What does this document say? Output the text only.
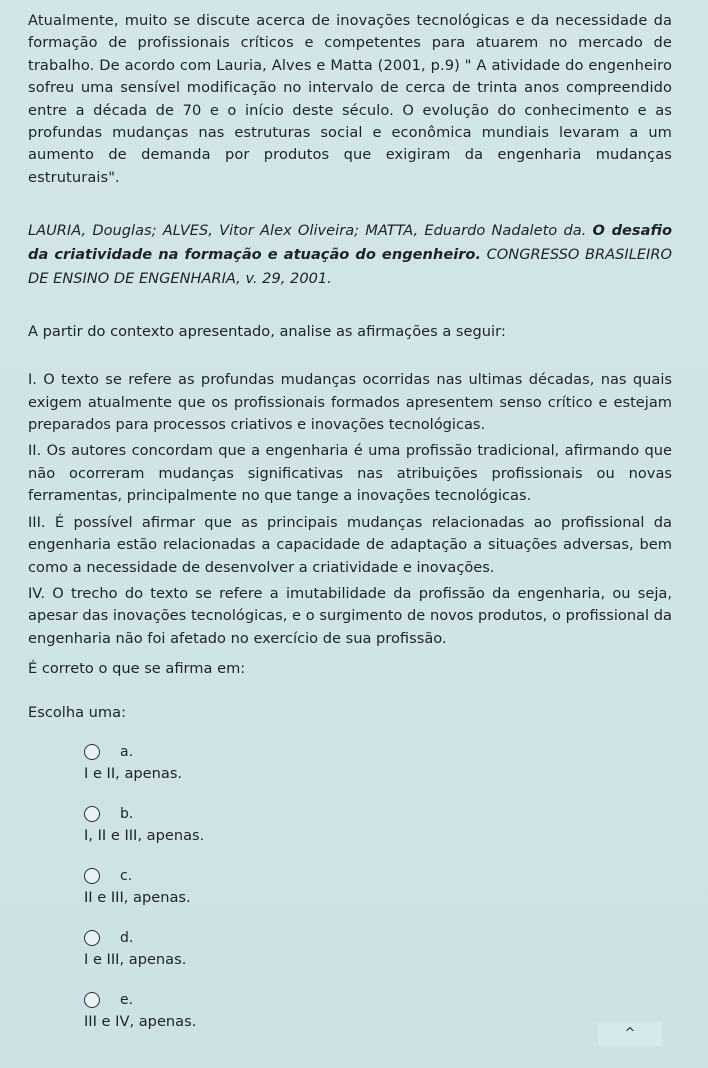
Atualmente, muito se discute acerca de inovações tecnológicas e da necessidade da formação de profissionais críticos e competentes para atuarem no mercado de trabalho. De acordo com Lauria, Alves e Matta (2001, p.9) " A atividade do engenheiro sofreu uma sensível modificação no intervalo de cerca de trinta anos compreendido entre a década de 70 e o início deste século. O evolução do conhecimento e as profundas mudanças nas estruturas social e econômica mundiais levaram a um aumento de demanda por produtos que exigiram da engenharia mudanças estruturais".

LAURIA, Douglas; ALVES, Vitor Alex Oliveira; MATTA, Eduardo Nadaleto da. O desafio da criatividade na formação e atuação do engenheiro. CONGRESSO BRASILEIRO DE ENSINO DE ENGENHARIA, v. 29, 2001.

A partir do contexto apresentado, analise as afirmações a seguir:

I. O texto se refere as profundas mudanças ocorridas nas ultimas décadas, nas quais exigem atualmente que os profissionais formados apresentem senso crítico e estejam preparados para processos criativos e inovações tecnológicas.

II. Os autores concordam que a engenharia é uma profissão tradicional, afirmando que não ocorreram mudanças significativas nas atribuições profissionais ou novas ferramentas, principalmente no que tange a inovações tecnológicas.

III. É possível afirmar que as principais mudanças relacionadas ao profissional da engenharia estão relacionadas a capacidade de adaptação a situações adversas, bem como a necessidade de desenvolver a criatividade e inovações.

IV. O trecho do texto se refere a imutabilidade da profissão da engenharia, ou seja, apesar das inovações tecnológicas, e o surgimento de novos produtos, o profissional da engenharia não foi afetado no exercício de sua profissão.

É correto o que se afirma em:

Escolha uma:

a.
I e II, apenas.
b.
I, II e III, apenas.
c.
II e III, apenas.
d.
I e III, apenas.
e.
III e IV, apenas.
^
